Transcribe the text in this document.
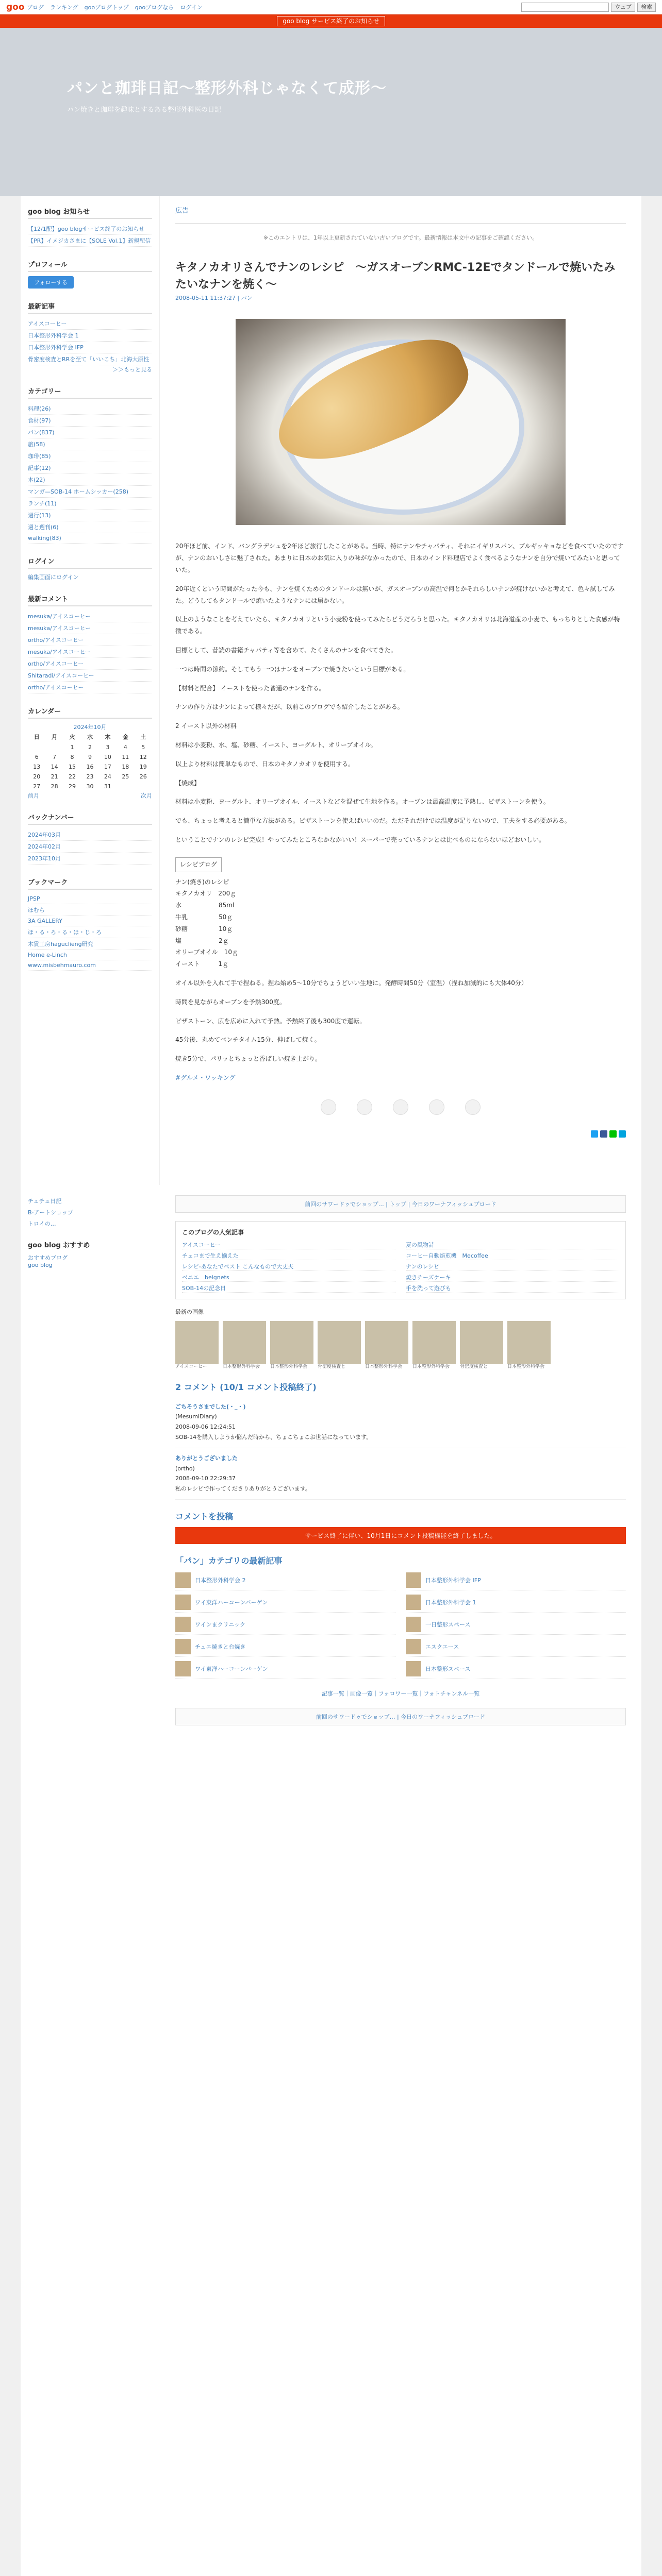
goo ブログ ランキング gooブログトップ gooブログなら ログイン	ウェブ	検索
goo blog サービス終了のお知らせ
パンと珈琲日記〜整形外科じゃなくて成形〜
パン焼きと珈琲を趣味とするある整形外科医の日記
goo blog お知らせ
【12/1配】goo blogサービス終了のお知らせ
【PR】イメジカさまに【SOLE Vol.1】新規配信
プロフィール
フォローする
最新記事
アイスコーヒー
日本整形外科学会 1
日本整形外科学会 IFP
骨密度検査とRRを至て「いいこち」北海大原性
＞＞もっと見る
カテゴリー
料理(26)
食材(97)
パン(837)
旅(58)
珈琲(85)
記事(12)
本(22)
マンガ—SOB-14 ホームシッカー(258)
ランチ(11)
週行(13)
週と週刊(6)
walking(83)
ログイン
編集画面にログイン
最新コメント
mesuka/アイスコーヒー
mesuka/アイスコーヒー
ortho/アイスコーヒー
mesuka/アイスコーヒー
ortho/アイスコーヒー
Shitaradi/アイスコーヒー
ortho/アイスコーヒー
カレンダー
2024年10月
日	月	火	水	木	金	土
		1	2	3	4	5
6	7	8	9	10	11	12
13	14	15	16	17	18	19
20	21	22	23	24	25	26
27	28	29	30	31		
前月	次月
バックナンバー
2024年03月
2024年02月
2023年10月
ブックマーク
JPSP
ほむら
3A GALLERY
ほ・る・ろ・る・ほ・じ・ろ
木賃工房haguclieng研究
Home e-Linch
www.misbehmauro.com
広告
※このエントリは、1年以上更新されていない古いブログです。最新情報は本文中の記事をご確認ください。
キタノカオリさんでナンのレシピ　〜ガスオーブンRMC-12Eでタンドールで焼いたみたいなナンを焼く〜
2008-05-11 11:37:27 | パン

20年ほど前、インド、バングラデシュを2年ほど旅行したことがある。当時、特にナンやチャパティ、それにイギリスパン、ブルギッキョなどを食べていたのですが、ナンのおいしさに魅了された。あまりに日本のお気に入りの味がなかったので、日本のインド料理店でよく食べるようなナンを自分で焼いてみたいと思っていた。

20年近くという時間がたった今も、ナンを焼くためのタンドールは無いが、ガスオーブンの高温で何とかそれらしいナンが焼けないかと考えて、色々試してみた。どうしてもタンドールで焼いたようなナンには届かない。

以上のようなことを考えていたら、キタノカオリという小麦粉を使ってみたらどうだろうと思った。キタノカオリは北海道産の小麦で、もっちりとした食感が特徴である。

目標として、昔読の書籍チャパティ等を含めて、たくさんのナンを食べてきた。

一つは時間の節約。そしてもう一つはナンをオーブンで焼きたいという目標がある。

【材料と配合】 イーストを使った普通のナンを作る。

ナンの作り方はナンによって様々だが、以前このブログでも紹介したことがある。

2 イースト以外の材料

材料は小麦粉、水、塩、砂糖、イースト、ヨーグルト、オリーブオイル。

以上より材料は簡単なもので、日本のキタノカオリを使用する。

【焼成】

材料は小麦粉、ヨーグルト、オリーブオイル、イーストなどを混ぜて生地を作る。オーブンは最高温度に予熱し、ピザストーンを使う。

でも、ちょっと考えると簡単な方法がある。ピザストーンを使えばいいのだ。ただそれだけでは温度が足りないので、工夫をする必要がある。

ということでナンのレシピ完成！やってみたところなかなかいい！スーパーで売っているナンとは比べものにならないほどおいしい。

レシピブログ
ナン(焼き)のレシピ
キタノカオリ　200ｇ
水　　　　　　85ml
牛乳　　　　　50ｇ
砂糖　　　　　10ｇ
塩　　　　　　2ｇ
オリーブオイル　10ｇ
イースト　　　1ｇ

オイル以外を入れて手で捏ねる。捏ね始め5〜10分でちょうどいい生地に。発酵時間50分（室温）（捏ね加減的にも大体40分）

時間を見ながらオーブンを予熱300度。

ピザストーン、広を広めに入れて予熱。予熱終了後も300度で運転。

45分後、丸めてベンチタイム15分、伸ばして焼く。

焼き5分で、パリッとちょっと香ばしい焼き上がり。

#グルメ・ワッキング
チュチュ日記
B-アートショップ
トロイの…
goo blog おすすめ
おすすめブログ
goo blog
前回のサワードゥでショップ… | トップ | 今日のワーナフィッシュプロード
このブログの人気記事
アイスコーヒー	夏の風物詩
チェコまで生え揃えた	コーヒー自動焙煎機　Mecoffee
レシピ-あなたでベスト こんなもので大丈夫	ナンのレシピ
ベニエ　beignets	焼きチーズケーキ
SOB-14の記念日	手を洗って遊びも
最新の画像

アイスコーヒー	日本整形外科学会	日本整形外科学会	骨密度検査と	日本整形外科学会	日本整形外科学会	骨密度検査と	日本整形外科学会

2 コメント (10/1 コメント投稿終了)
ごちそうさまでした(・_・)
(MesumiDiary)
2008-09-06 12:24:51
SOB-14を購入しようか悩んだ時から、ちょこちょこお世話になっています。
ありがとうございました
(ortho)
2008-09-10 22:29:37
私のレシピで作ってくださりありがとうございます。
コメントを投稿
サービス終了に伴い、10月1日にコメント投稿機能を終了しました。
「パン」カテゴリの最新記事
日本整形外科学会 2	日本整形外科学会 IFP
ワイ東洋ハーコーンバーゲン	日本整形外科学会 1
ワインまクリニック	一日整形スペース
チュエ焼きと台焼き	エスクエース
ワイ東洋ハーコーンバーゲン	日本整形スペース
記事一覧｜画像一覧｜フォロワー一覧｜フォトチャンネル一覧
前回のサワードゥでショップ… | 今日のワーナフィッシュプロード
